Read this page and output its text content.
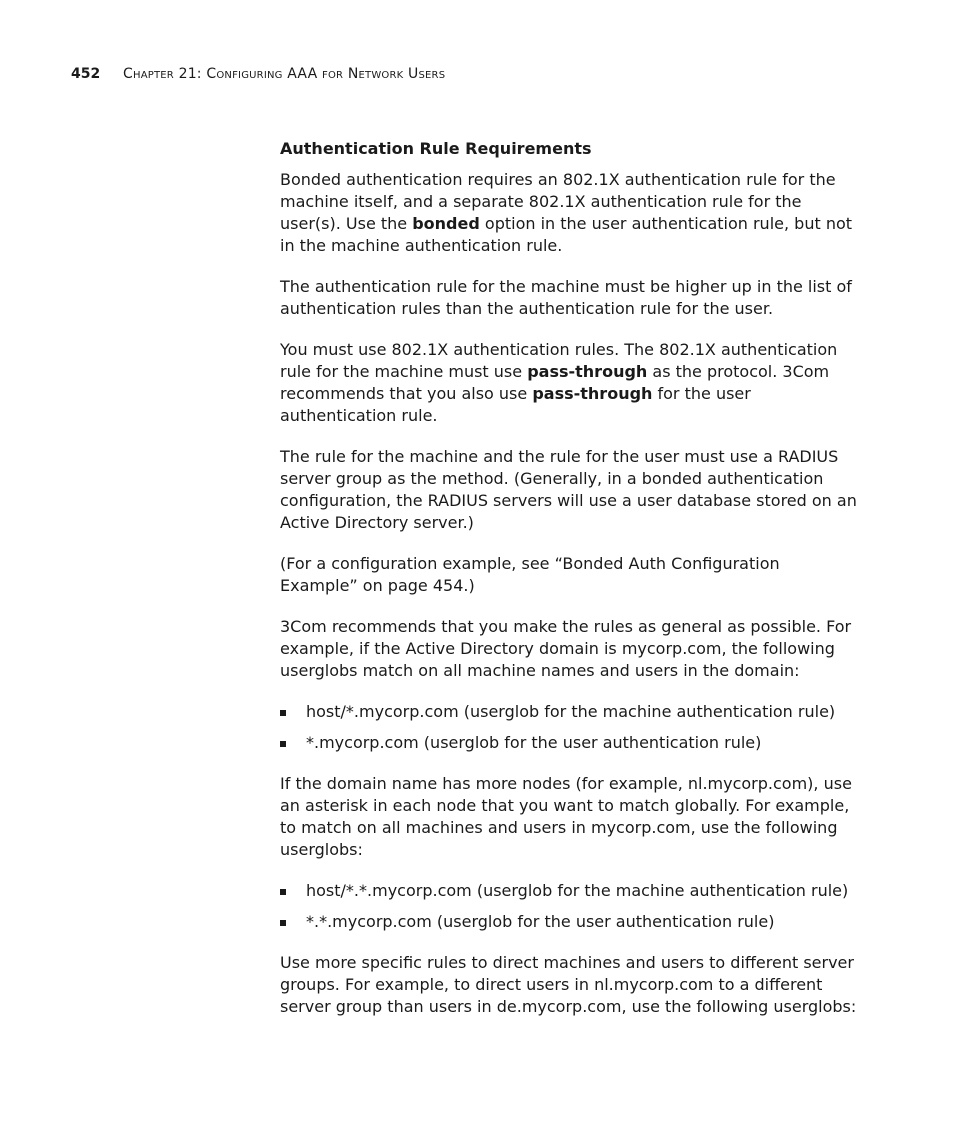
452 Chapter 21: Configuring AAA for Network Users
Authentication Rule Requirements

Bonded authentication requires an 802.1X authentication rule for the machine itself, and a separate 802.1X authentication rule for the user(s). Use the bonded option in the user authentication rule, but not in the machine authentication rule.

The authentication rule for the machine must be higher up in the list of authentication rules than the authentication rule for the user.

You must use 802.1X authentication rules. The 802.1X authentication rule for the machine must use pass-through as the protocol. 3Com recommends that you also use pass-through for the user authentication rule.

The rule for the machine and the rule for the user must use a RADIUS server group as the method. (Generally, in a bonded authentication configuration, the RADIUS servers will use a user database stored on an Active Directory server.)

(For a configuration example, see “Bonded Auth Configuration Example” on page 454.)

3Com recommends that you make the rules as general as possible. For example, if the Active Directory domain is mycorp.com, the following userglobs match on all machine names and users in the domain:

host/*.mycorp.com (userglob for the machine authentication rule)
*.mycorp.com (userglob for the user authentication rule)

If the domain name has more nodes (for example, nl.mycorp.com), use an asterisk in each node that you want to match globally. For example, to match on all machines and users in mycorp.com, use the following userglobs:

host/*.*.mycorp.com (userglob for the machine authentication rule)
*.*.mycorp.com (userglob for the user authentication rule)

Use more specific rules to direct machines and users to different server groups. For example, to direct users in nl.mycorp.com to a different server group than users in de.mycorp.com, use the following userglobs:
